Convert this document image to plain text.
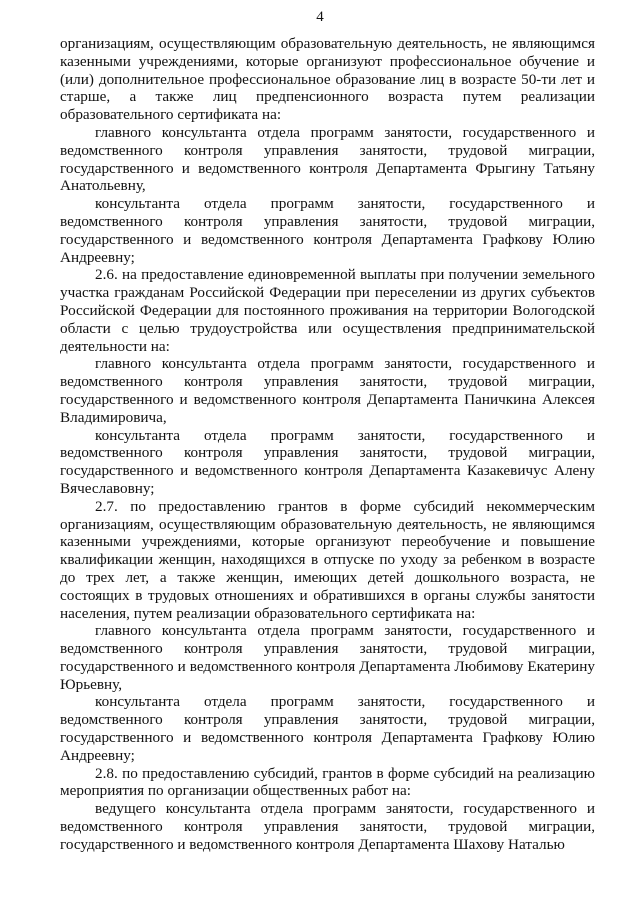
4

организациям, осуществляющим образовательную деятельность, не являющимся казенными учреждениями, которые организуют профессиональное обучение и (или) дополнительное профессиональное образование лиц в возрасте 50-ти лет и старше, а также лиц предпенсионного возраста путем реализации образовательного сертификата на:

главного консультанта отдела программ занятости, государственного и ведомственного контроля управления занятости, трудовой миграции, государственного и ведомственного контроля Департамента Фрыгину Татьяну Анатольевну,

консультанта отдела программ занятости, государственного и ведомственного контроля управления занятости, трудовой миграции, государственного и ведомственного контроля Департамента Графкову Юлию Андреевну;

2.6. на предоставление единовременной выплаты при получении земельного участка гражданам Российской Федерации при переселении из других субъектов Российской Федерации для постоянного проживания на территории Вологодской области с целью трудоустройства или осуществления предпринимательской деятельности на:

главного консультанта отдела программ занятости, государственного и ведомственного контроля управления занятости, трудовой миграции, государственного и ведомственного контроля Департамента Паничкина Алексея Владимировича,

консультанта отдела программ занятости, государственного и ведомственного контроля управления занятости, трудовой миграции, государственного и ведомственного контроля Департамента Казакевичус Алену Вячеславовну;

2.7. по предоставлению грантов в форме субсидий некоммерческим организациям, осуществляющим образовательную деятельность, не являющимся казенными учреждениями, которые организуют переобучение и повышение квалификации женщин, находящихся в отпуске по уходу за ребенком в возрасте до трех лет, а также женщин, имеющих детей дошкольного возраста, не состоящих в трудовых отношениях и обратившихся в органы службы занятости населения, путем реализации образовательного сертификата на:

главного консультанта отдела программ занятости, государственного и ведомственного контроля управления занятости, трудовой миграции, государственного и ведомственного контроля Департамента Любимову Екатерину Юрьевну,

консультанта отдела программ занятости, государственного и ведомственного контроля управления занятости, трудовой миграции, государственного и ведомственного контроля Департамента Графкову Юлию Андреевну;

2.8. по предоставлению субсидий, грантов в форме субсидий на реализацию мероприятия по организации общественных работ на:

ведущего консультанта отдела программ занятости, государственного и ведомственного контроля управления занятости, трудовой миграции, государственного и ведомственного контроля Департамента Шахову Наталью
